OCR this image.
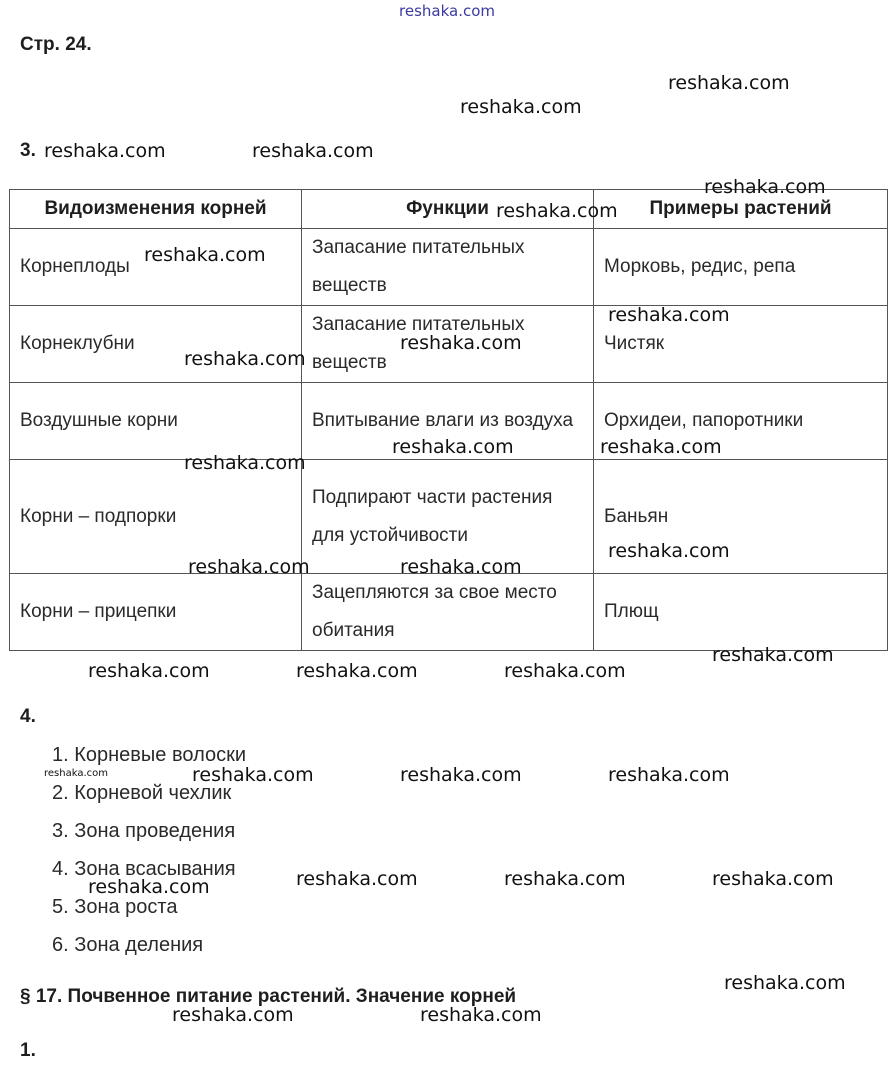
reshaka.com
Стр. 24.
3.
Видоизменения корней	Функции	Примеры растений
Корнеплоды	Запасание питательных веществ	Морковь, редис, репа
Корнеклубни	Запасание питательных веществ	Чистяк
Воздушные корни	Впитывание влаги из воздуха	Орхидеи, папоротники
Корни – подпорки	Подпирают части растения для устойчивости	Баньян
Корни – прицепки	Зацепляются за свое место обитания	Плющ
4.
1. Корневые волоски
2. Корневой чехлик
3. Зона проведения
4. Зона всасывания
5. Зона роста
6. Зона деления
§ 17. Почвенное питание растений. Значение корней
1.
reshaka.com
reshaka.com
reshaka.com	reshaka.com
reshaka.com
reshaka.com
reshaka.com
reshaka.com
reshaka.com
reshaka.com
reshaka.com	reshaka.com
reshaka.com
reshaka.com
reshaka.com	reshaka.com
reshaka.com
reshaka.com	reshaka.com	reshaka.com
reshaka.com	reshaka.com	reshaka.com	reshaka.com
reshaka.com	reshaka.com	reshaka.com	reshaka.com
reshaka.com
reshaka.com	reshaka.com
